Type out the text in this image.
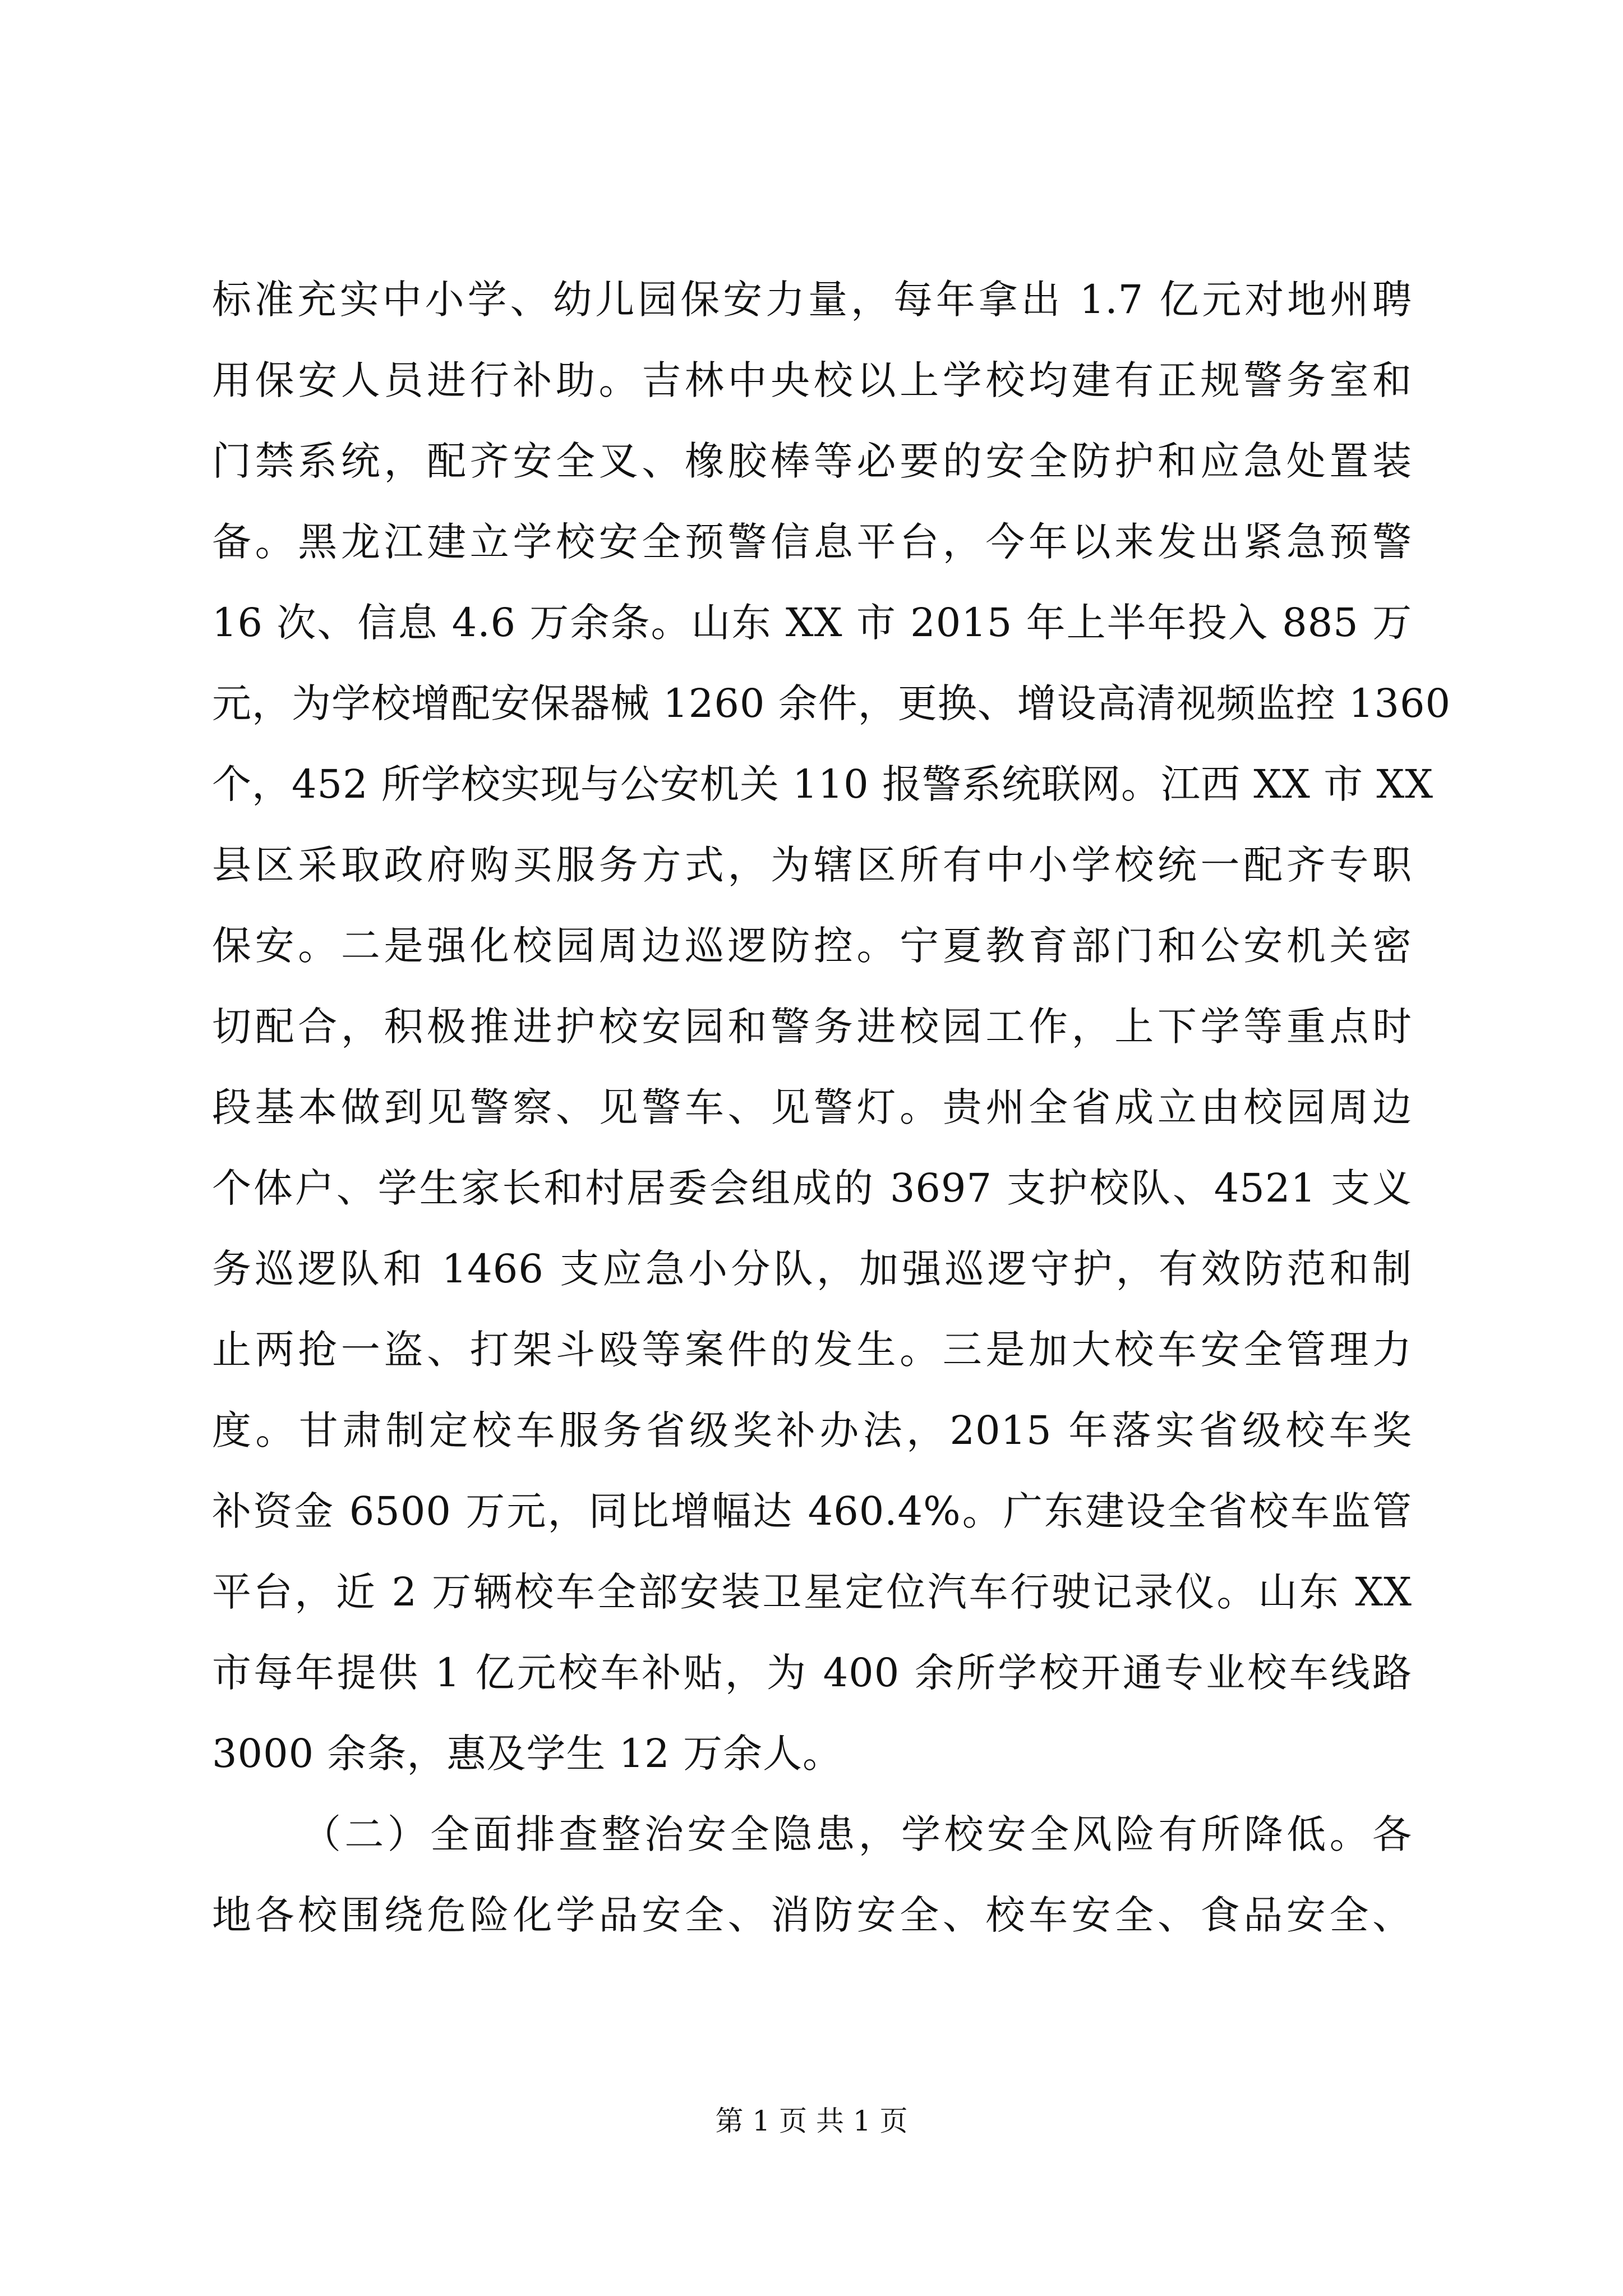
标准充实中小学、幼儿园保安力量，每年拿出 1.7 亿元对地州聘
用保安人员进行补助。吉林中央校以上学校均建有正规警务室和
门禁系统，配齐安全叉、橡胶棒等必要的安全防护和应急处置装
备。黑龙江建立学校安全预警信息平台，今年以来发出紧急预警
16 次、信息 4.6 万余条。山东 XX 市 2015 年上半年投入 885 万
元，为学校增配安保器械 1260 余件，更换、增设高清视频监控 1360
个，452 所学校实现与公安机关 110 报警系统联网。江西 XX 市 XX
县区采取政府购买服务方式，为辖区所有中小学校统一配齐专职
保安。二是强化校园周边巡逻防控。宁夏教育部门和公安机关密
切配合，积极推进护校安园和警务进校园工作，上下学等重点时
段基本做到见警察、见警车、见警灯。贵州全省成立由校园周边
个体户、学生家长和村居委会组成的 3697 支护校队、4521 支义
务巡逻队和 1466 支应急小分队，加强巡逻守护，有效防范和制
止两抢一盗、打架斗殴等案件的发生。三是加大校车安全管理力
度。甘肃制定校车服务省级奖补办法，2015 年落实省级校车奖
补资金 6500 万元，同比增幅达 460.4%。广东建设全省校车监管
平台，近 2 万辆校车全部安装卫星定位汽车行驶记录仪。山东 XX
市每年提供 1 亿元校车补贴，为 400 余所学校开通专业校车线路
3000 余条，惠及学生 12 万余人。
（二）全面排查整治安全隐患，学校安全风险有所降低。各
地各校围绕危险化学品安全、消防安全、校车安全、食品安全、
第 1 页 共 1 页
